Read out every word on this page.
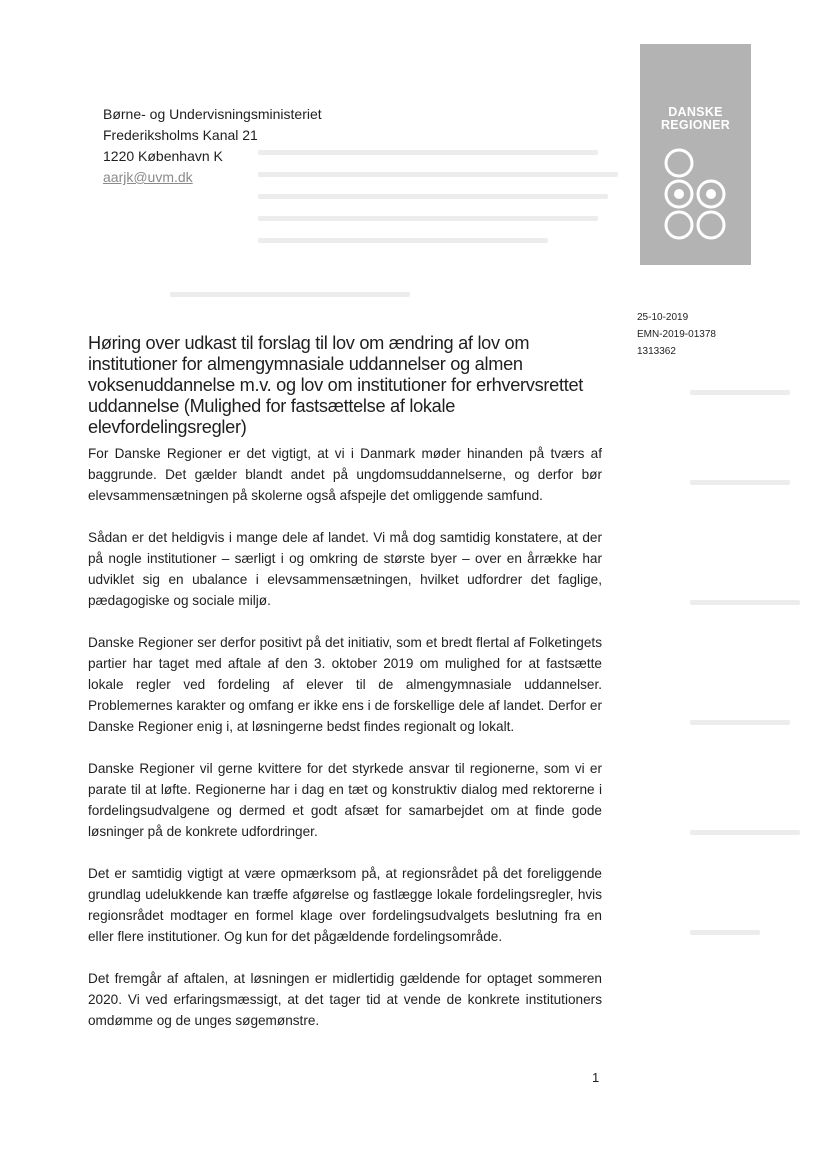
Børne- og Undervisningsministeriet
Frederiksholms Kanal 21
1220 København K
aarjk@uvm.dk
DANSKE
REGIONER
25-10-2019
EMN-2019-01378
1313362
Høring over udkast til forslag til lov om ændring af lov om institutioner for almengymnasiale uddannelser og almen voksenuddannelse m.v. og lov om institutioner for erhvervsrettet uddannelse (Mulighed for fastsættelse af lokale elevfordelingsregler)

For Danske Regioner er det vigtigt, at vi i Danmark møder hinanden på tværs af baggrunde. Det gælder blandt andet på ungdomsuddannelserne, og derfor bør elevsammensætningen på skolerne også afspejle det omliggende samfund.

Sådan er det heldigvis i mange dele af landet. Vi må dog samtidig konstatere, at der på nogle institutioner – særligt i og omkring de største byer – over en årrække har udviklet sig en ubalance i elevsammensætningen, hvilket udfordrer det faglige, pædagogiske og sociale miljø.

Danske Regioner ser derfor positivt på det initiativ, som et bredt flertal af Folketingets partier har taget med aftale af den 3. oktober 2019 om mulighed for at fastsætte lokale regler ved fordeling af elever til de almengymnasiale uddannelser. Problemernes karakter og omfang er ikke ens i de forskellige dele af landet. Derfor er Danske Regioner enig i, at løsningerne bedst findes regionalt og lokalt.

Danske Regioner vil gerne kvittere for det styrkede ansvar til regionerne, som vi er parate til at løfte. Regionerne har i dag en tæt og konstruktiv dialog med rektorerne i fordelingsudvalgene og dermed et godt afsæt for samarbejdet om at finde gode løsninger på de konkrete udfordringer.

Det er samtidig vigtigt at være opmærksom på, at regionsrådet på det foreliggende grundlag udelukkende kan træffe afgørelse og fastlægge lokale fordelingsregler, hvis regionsrådet modtager en formel klage over fordelingsudvalgets beslutning fra en eller flere institutioner. Og kun for det pågældende fordelingsområde.

Det fremgår af aftalen, at løsningen er midlertidig gældende for optaget sommeren 2020. Vi ved erfaringsmæssigt, at det tager tid at vende de konkrete institutioners omdømme og de unges søgemønstre.

1
